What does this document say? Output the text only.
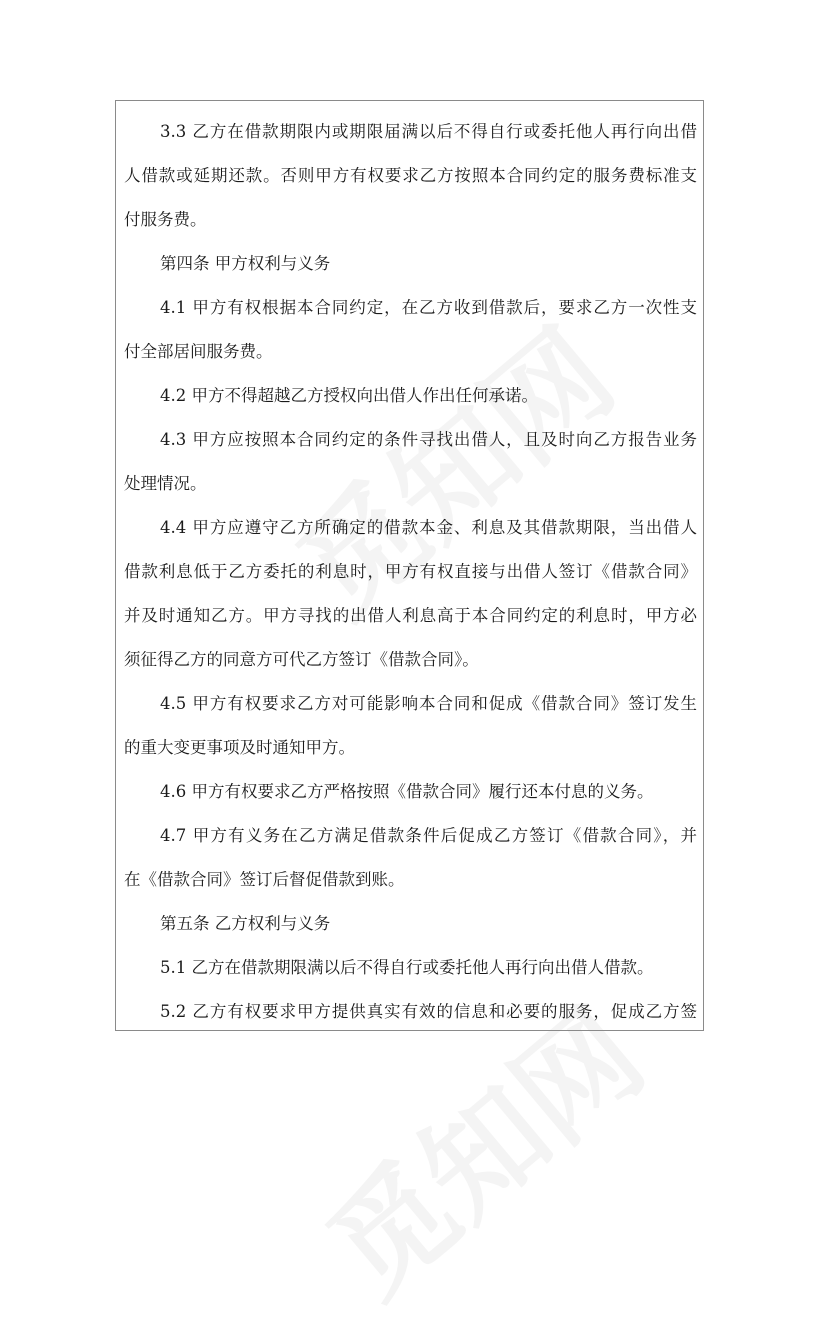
3.3 乙方在借款期限内或期限届满以后不得自行或委托他人再行向出借
人借款或延期还款。否则甲方有权要求乙方按照本合同约定的服务费标准支
付服务费。
第四条 甲方权利与义务
4.1 甲方有权根据本合同约定，在乙方收到借款后，要求乙方一次性支
付全部居间服务费。
4.2 甲方不得超越乙方授权向出借人作出任何承诺。
4.3 甲方应按照本合同约定的条件寻找出借人，且及时向乙方报告业务
处理情况。
4.4 甲方应遵守乙方所确定的借款本金、利息及其借款期限，当出借人
借款利息低于乙方委托的利息时，甲方有权直接与出借人签订《借款合同》
并及时通知乙方。甲方寻找的出借人利息高于本合同约定的利息时，甲方必
须征得乙方的同意方可代乙方签订《借款合同》。
4.5 甲方有权要求乙方对可能影响本合同和促成《借款合同》签订发生
的重大变更事项及时通知甲方。
4.6 甲方有权要求乙方严格按照《借款合同》履行还本付息的义务。
4.7 甲方有义务在乙方满足借款条件后促成乙方签订《借款合同》，并
在《借款合同》签订后督促借款到账。
第五条 乙方权利与义务
5.1 乙方在借款期限满以后不得自行或委托他人再行向出借人借款。
5.2 乙方有权要求甲方提供真实有效的信息和必要的服务，促成乙方签
